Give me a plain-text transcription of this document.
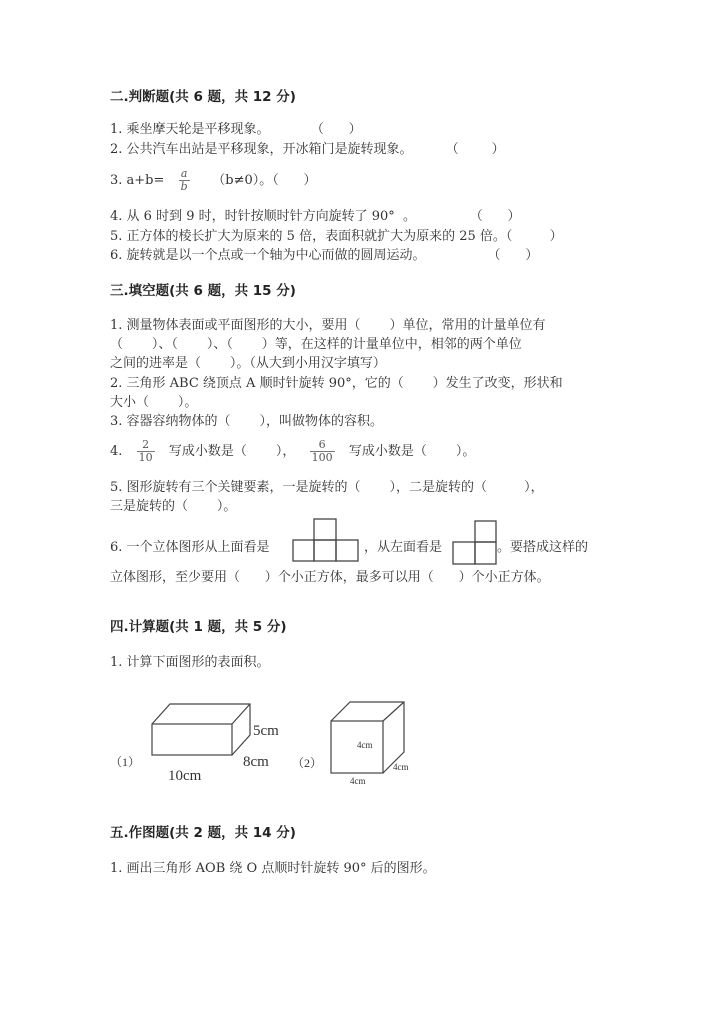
二.判断题(共 6 题，共 12 分)
1. 乘坐摩天轮是平移现象。          （      ）
2. 公共汽车出站是平移现象，开冰箱门是旋转现象。        （        ）
3. $a+b= \frac{a}{b} (b\ne 0)$。（      ）
4. 从 6 时到 9 时，时针按顺时针方向旋转了 90°  。             （      ）
5. 正方体的棱长扩大为原来的 5 倍，表面积就扩大为原来的 25 倍。（         ）
6. 旋转就是以一个点或一个轴为中心而做的圆周运动。               （      ）
三.填空题(共 6 题，共 15 分)
1. 测量物体表面或平面图形的大小，要用（       ）单位，常用的计量单位有
（       ）、（       ）、（       ）等，在这样的计量单位中，相邻的两个单位
之间的进率是（       ）。（从大到小用汉字填写）
2. 三角形 ABC 绕顶点 A 顺时针旋转 90°，它的（       ）发生了改变，形状和
大小（       ）。
3. 容器容纳物体的（       ），叫做物体的容积。
4. $\frac{2}{10}$ 写成小数是（       ）， $\frac{6}{100}$ 写成小数是（       ）。
5. 图形旋转有三个关键要素，一是旋转的（       ），二是旋转的（         ），
三是旋转的（       ）。
6. 一个立体图形从上面看是	，从左面看是	。要搭成这样的
立体图形，至少要用（      ）个小正方体，最多可以用（      ）个小正方体。
四.计算题(共 1 题，共 5 分)
1. 计算下面图形的表面积。
（1）
5cm
8cm
10cm
（2）
4cm
4cm
4cm
五.作图题(共 2 题，共 14 分)
1. 画出三角形 AOB 绕 O 点顺时针旋转 90° 后的图形。
